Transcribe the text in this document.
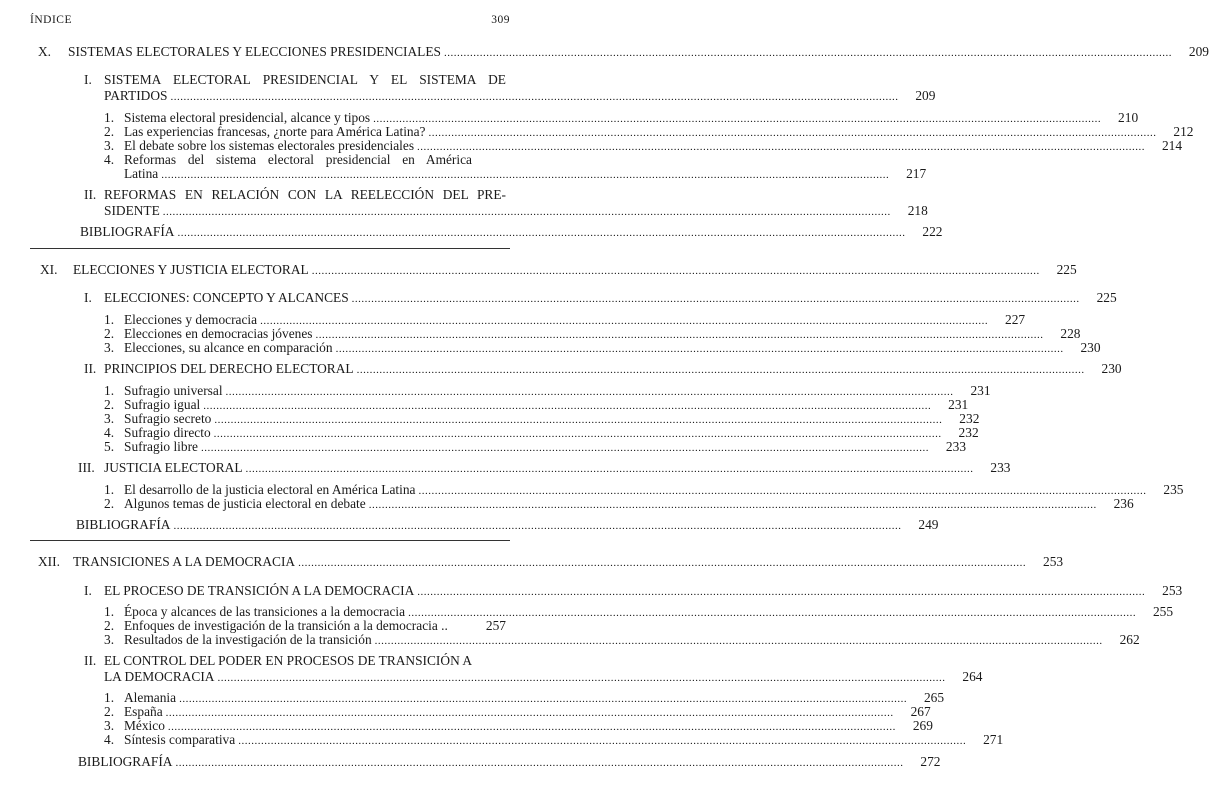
ÍNDICE	309
X.	SISTEMAS ELECTORALES Y ELECCIONES PRESIDENCIALES .....	209
I. SISTEMA ELECTORAL PRESIDENCIAL Y EL SISTEMA DE
PARTIDOS .....	209
1. Sistema electoral presidencial, alcance y tipos .....	210
2. Las experiencias francesas, ¿norte para América Latina? .....	212
3. El debate sobre los sistemas electorales presidenciales .....	214
4. Reformas del sistema electoral presidencial en América
Latina .....	217
II. REFORMAS EN RELACIÓN CON LA REELECCIÓN DEL PRE-
SIDENTE .....	218
BIBLIOGRAFÍA .....	222
XI.	ELECCIONES Y JUSTICIA ELECTORAL .....	225
I. ELECCIONES: CONCEPTO Y ALCANCES .....	225
1. Elecciones y democracia .....	227
2. Elecciones en democracias jóvenes .....	228
3. Elecciones, su alcance en comparación .....	230
II. PRINCIPIOS DEL DERECHO ELECTORAL .....	230
1. Sufragio universal .....	231
2. Sufragio igual .....	231
3. Sufragio secreto .....	232
4. Sufragio directo .....	232
5. Sufragio libre .....	233
III. JUSTICIA ELECTORAL .....	233
1. El desarrollo de la justicia electoral en América Latina .....	235
2. Algunos temas de justicia electoral en debate .....	236
BIBLIOGRAFÍA .....	249
XII. TRANSICIONES A LA DEMOCRACIA .....	253
I. EL PROCESO DE TRANSICIÓN A LA DEMOCRACIA .....	253
1. Época y alcances de las transiciones a la democracia .....	255
2. Enfoques de investigación de la transición a la democracia ..	257
3. Resultados de la investigación de la transición .....	262
II. EL CONTROL DEL PODER EN PROCESOS DE TRANSICIÓN A
LA DEMOCRACIA .....	264
1. Alemania .....	265
2. España .....	267
3. México .....	269
4. Síntesis comparativa .....	271
BIBLIOGRAFÍA .....	272
